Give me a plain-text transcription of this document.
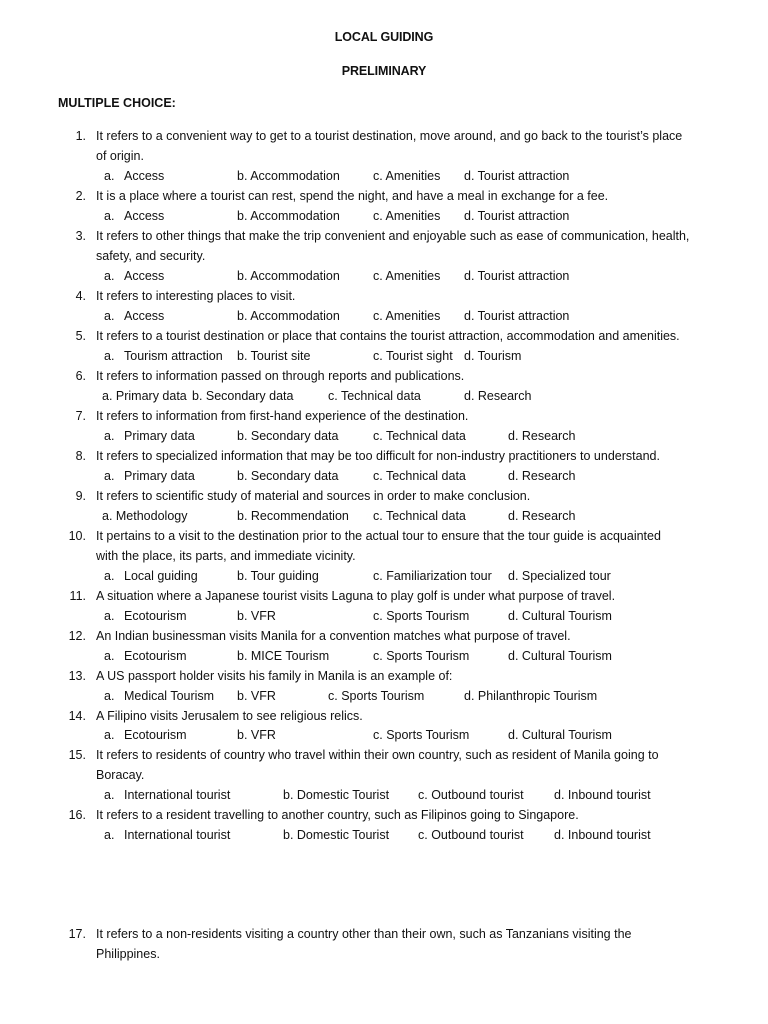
LOCAL GUIDING
PRELIMINARY
MULTIPLE CHOICE:
1. It refers to a convenient way to get to a tourist destination, move around, and go back to the tourist’s place
of origin.
a. Access	b. Accommodation	c. Amenities d. Tourist attraction
2. It is a place where a tourist can rest, spend the night, and have a meal in exchange for a fee.
a. Access	b. Accommodation	c. Amenities d. Tourist attraction
3. It refers to other things that make the trip convenient and enjoyable such as ease of communication, health,
safety, and security.
a. Access	b. Accommodation	c. Amenities d. Tourist attraction
4. It refers to interesting places to visit.
a. Access	b. Accommodation	c. Amenities d. Tourist attraction
5. It refers to a tourist destination or place that contains the tourist attraction, accommodation and amenities.
a. Tourism attraction b. Tourist site	c. Tourist sight d. Tourism
6. It refers to information passed on through reports and publications.
a. Primary data b. Secondary data	c. Technical data	d. Research
7. It refers to information from first-hand experience of the destination.
a. Primary data	b. Secondary data	c. Technical data	d. Research
8. It refers to specialized information that may be too difficult for non-industry practitioners to understand.
a. Primary data	b. Secondary data	c. Technical data	d. Research
9. It refers to scientific study of material and sources in order to make conclusion.
a. Methodology	b. Recommendation c. Technical data	d. Research
10. It pertains to a visit to the destination prior to the actual tour to ensure that the tour guide is acquainted
with the place, its parts, and immediate vicinity.
a. Local guiding	b. Tour guiding	c. Familiarization tour d. Specialized tour
11. A situation where a Japanese tourist visits Laguna to play golf is under what purpose of travel.
a. Ecotourism	b. VFR	c. Sports Tourism	d. Cultural Tourism
12. An Indian businessman visits Manila for a convention matches what purpose of travel.
a. Ecotourism	b. MICE Tourism	c. Sports Tourism	d. Cultural Tourism
13. A US passport holder visits his family in Manila is an example of:
a. Medical Tourism b. VFR	c. Sports Tourism	d. Philanthropic Tourism
14. A Filipino visits Jerusalem to see religious relics.
a. Ecotourism	b. VFR	c. Sports Tourism	d. Cultural Tourism
15. It refers to residents of country who travel within their own country, such as resident of Manila going to
Boracay.
a. International tourist	b. Domestic Tourist c. Outbound tourist d. Inbound tourist
16. It refers to a resident travelling to another country, such as Filipinos going to Singapore.
a. International tourist	b. Domestic Tourist c. Outbound tourist d. Inbound tourist
17. It refers to a non-residents visiting a country other than their own, such as Tanzanians visiting the
Philippines.
